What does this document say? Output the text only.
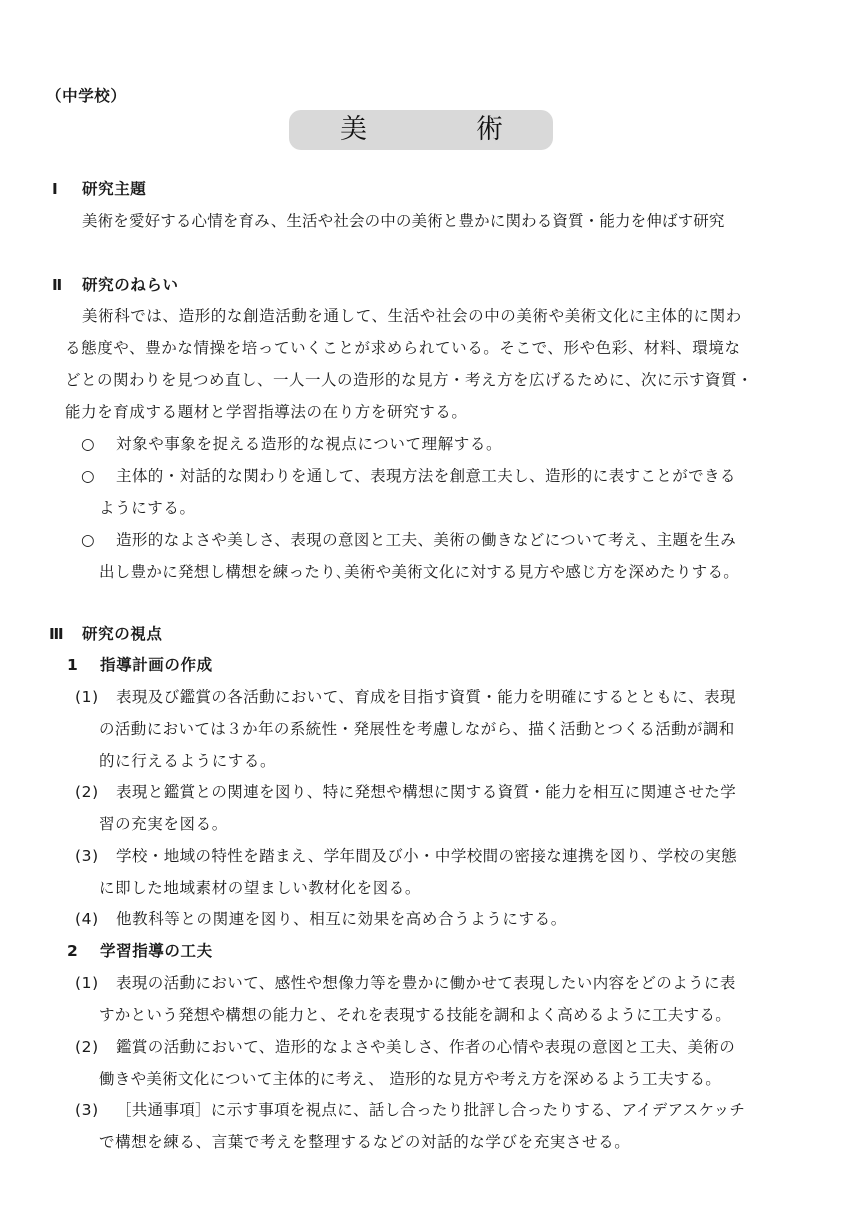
（中学校）
美	術
Ⅰ 研究主題
美術を愛好する心情を育み、生活や社会の中の美術と豊かに関わる資質・能力を伸ばす研究
Ⅱ 研究のねらい
美術科では、造形的な創造活動を通して、生活や社会の中の美術や美術文化に主体的に関わ
る態度や、豊かな情操を培っていくことが求められている。そこで、形や色彩、材料、環境な
どとの関わりを見つめ直し、一人一人の造形的な見方・考え方を広げるために、次に示す資質・
能力を育成する題材と学習指導法の在り方を研究する。
○ 対象や事象を捉える造形的な視点について理解する。
○ 主体的・対話的な関わりを通して、表現方法を創意工夫し、造形的に表すことができる
ようにする。
○ 造形的なよさや美しさ、表現の意図と工夫、美術の働きなどについて考え、主題を生み
出し豊かに発想し構想を練ったり､美術や美術文化に対する見方や感じ方を深めたりする。
Ⅲ 研究の視点
1 指導計画の作成
(1) 表現及び鑑賞の各活動において、育成を目指す資質・能力を明確にするとともに、表現
の活動においては３か年の系統性・発展性を考慮しながら、描く活動とつくる活動が調和
的に行えるようにする。
(2) 表現と鑑賞との関連を図り、特に発想や構想に関する資質・能力を相互に関連させた学
習の充実を図る。
(3) 学校・地域の特性を踏まえ、学年間及び小・中学校間の密接な連携を図り、学校の実態
に即した地域素材の望ましい教材化を図る。
(4) 他教科等との関連を図り、相互に効果を高め合うようにする。
2 学習指導の工夫
(1) 表現の活動において、感性や想像力等を豊かに働かせて表現したい内容をどのように表
すかという発想や構想の能力と、それを表現する技能を調和よく高めるように工夫する。
(2) 鑑賞の活動において、造形的なよさや美しさ、作者の心情や表現の意図と工夫、美術の
働きや美術文化について主体的に考え、 造形的な見方や考え方を深めるよう工夫する。
(3) ［共通事項］に示す事項を視点に、話し合ったり批評し合ったりする、アイデアスケッチ
で構想を練る、言葉で考えを整理するなどの対話的な学びを充実させる。
